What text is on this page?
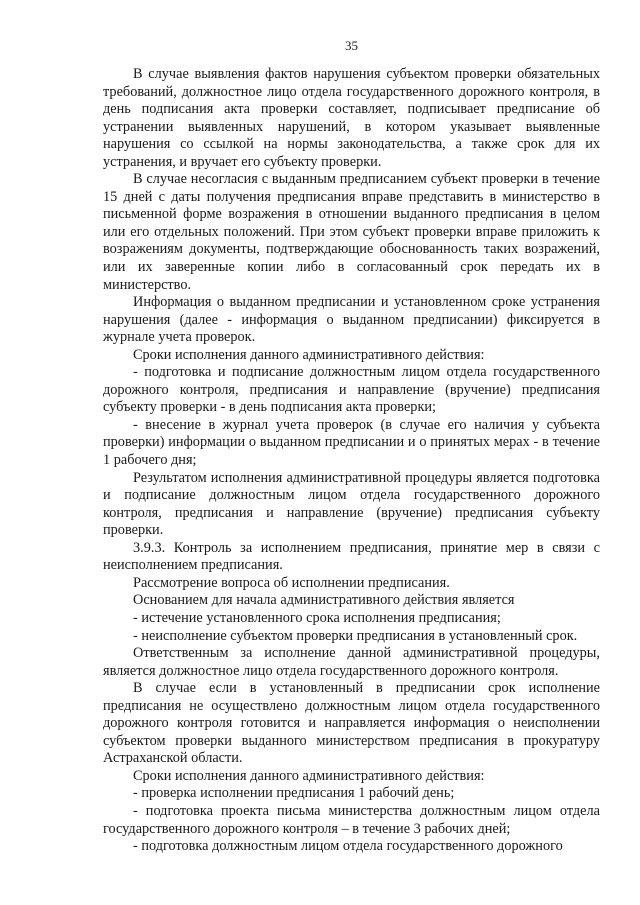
35

В случае выявления фактов нарушения субъектом проверки обязательных требований, должностное лицо отдела государственного дорожного контроля, в день подписания акта проверки составляет, подписывает предписание об устранении выявленных нарушений, в котором указывает выявленные нарушения со ссылкой на нормы законодательства, а также срок для их устранения, и вручает его субъекту проверки.

В случае несогласия с выданным предписанием субъект проверки в течение 15 дней с даты получения предписания вправе представить в министерство в письменной форме возражения в отношении выданного предписания в целом или его отдельных положений. При этом субъект проверки вправе приложить к возражениям документы, подтверждающие обоснованность таких возражений, или их заверенные копии либо в согласованный срок передать их в министерство.

Информация о выданном предписании и установленном сроке устранения нарушения (далее - информация о выданном предписании) фиксируется в журнале учета проверок.

Сроки исполнения данного административного действия:

- подготовка и подписание должностным лицом отдела государственного дорожного контроля, предписания и направление (вручение) предписания субъекту проверки - в день подписания акта проверки;

- внесение в журнал учета проверок (в случае его наличия у субъекта проверки) информации о выданном предписании и о принятых мерах - в течение 1 рабочего дня;

Результатом исполнения административной процедуры является подготовка и подписание должностным лицом отдела государственного дорожного контроля, предписания и направление (вручение) предписания субъекту проверки.

3.9.3. Контроль за исполнением предписания, принятие мер в связи с неисполнением предписания.

Рассмотрение вопроса об исполнении предписания.

Основанием для начала административного действия является

- истечение установленного срока исполнения предписания;

- неисполнение субъектом проверки предписания в установленный срок.

Ответственным за исполнение данной административной процедуры, является должностное лицо отдела государственного дорожного контроля.

В случае если в установленный в предписании срок исполнение предписания не осуществлено должностным лицом отдела государственного дорожного контроля готовится и направляется информация о неисполнении субъектом проверки выданного министерством предписания в прокуратуру Астраханской области.

Сроки исполнения данного административного действия:

- проверка исполнении предписания 1 рабочий день;

- подготовка проекта письма министерства должностным лицом отдела государственного дорожного контроля – в течение 3 рабочих дней;

- подготовка должностным лицом отдела государственного дорожного
